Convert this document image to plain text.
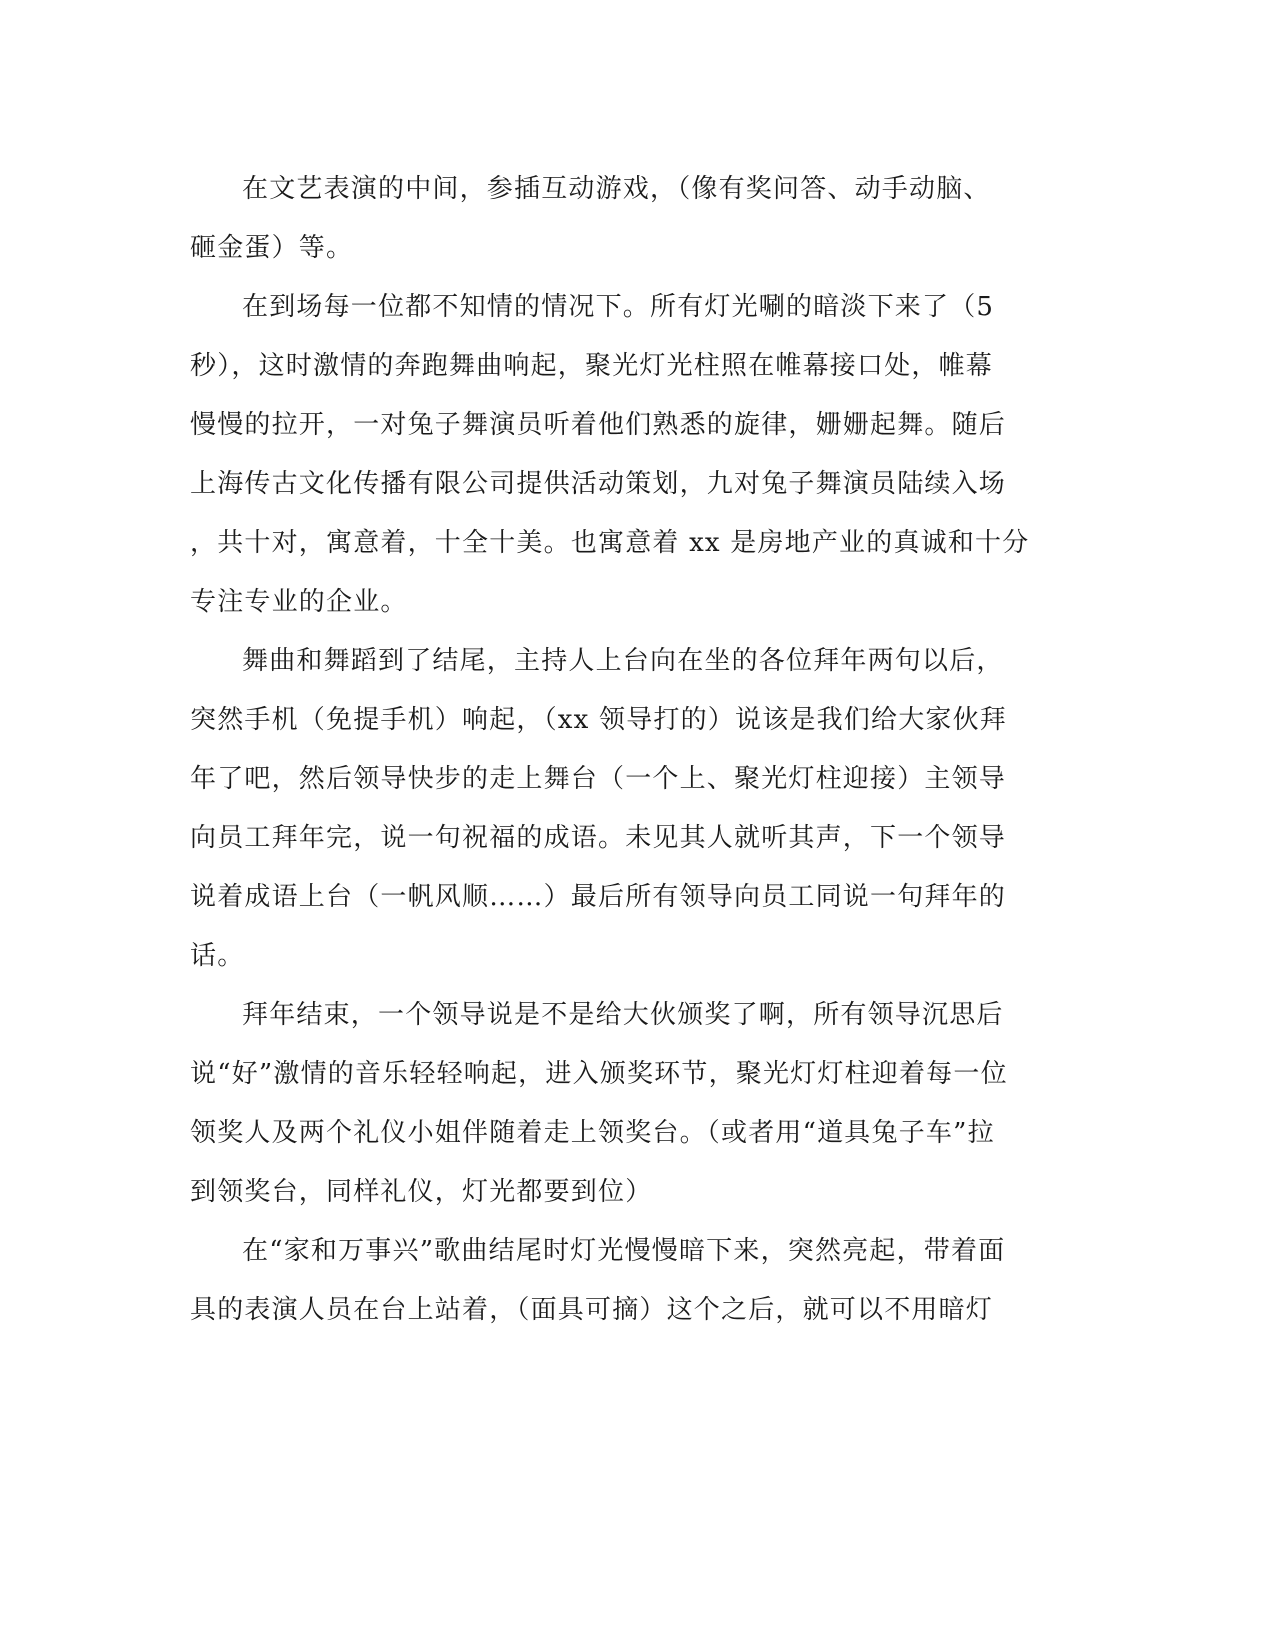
在文艺表演的中间，参插互动游戏，（像有奖问答、动手动脑、
砸金蛋）等。

在到场每一位都不知情的情况下。所有灯光唰的暗淡下来了（5
秒），这时激情的奔跑舞曲响起，聚光灯光柱照在帷幕接口处，帷幕
慢慢的拉开，一对兔子舞演员听着他们熟悉的旋律，姗姗起舞。随后
上海传古文化传播有限公司提供活动策划，九对兔子舞演员陆续入场
，共十对，寓意着，十全十美。也寓意着 xx 是房地产业的真诚和十分
专注专业的企业。

舞曲和舞蹈到了结尾，主持人上台向在坐的各位拜年两句以后，
突然手机（免提手机）响起，（xx 领导打的）说该是我们给大家伙拜
年了吧，然后领导快步的走上舞台（一个上、聚光灯柱迎接）主领导
向员工拜年完，说一句祝福的成语。未见其人就听其声，下一个领导
说着成语上台（一帆风顺……）最后所有领导向员工同说一句拜年的
话。

拜年结束，一个领导说是不是给大伙颁奖了啊，所有领导沉思后
说“好”激情的音乐轻轻响起，进入颁奖环节，聚光灯灯柱迎着每一位
领奖人及两个礼仪小姐伴随着走上领奖台。（或者用“道具兔子车”拉
到领奖台，同样礼仪，灯光都要到位）

在“家和万事兴”歌曲结尾时灯光慢慢暗下来，突然亮起，带着面
具的表演人员在台上站着，（面具可摘）这个之后，就可以不用暗灯
